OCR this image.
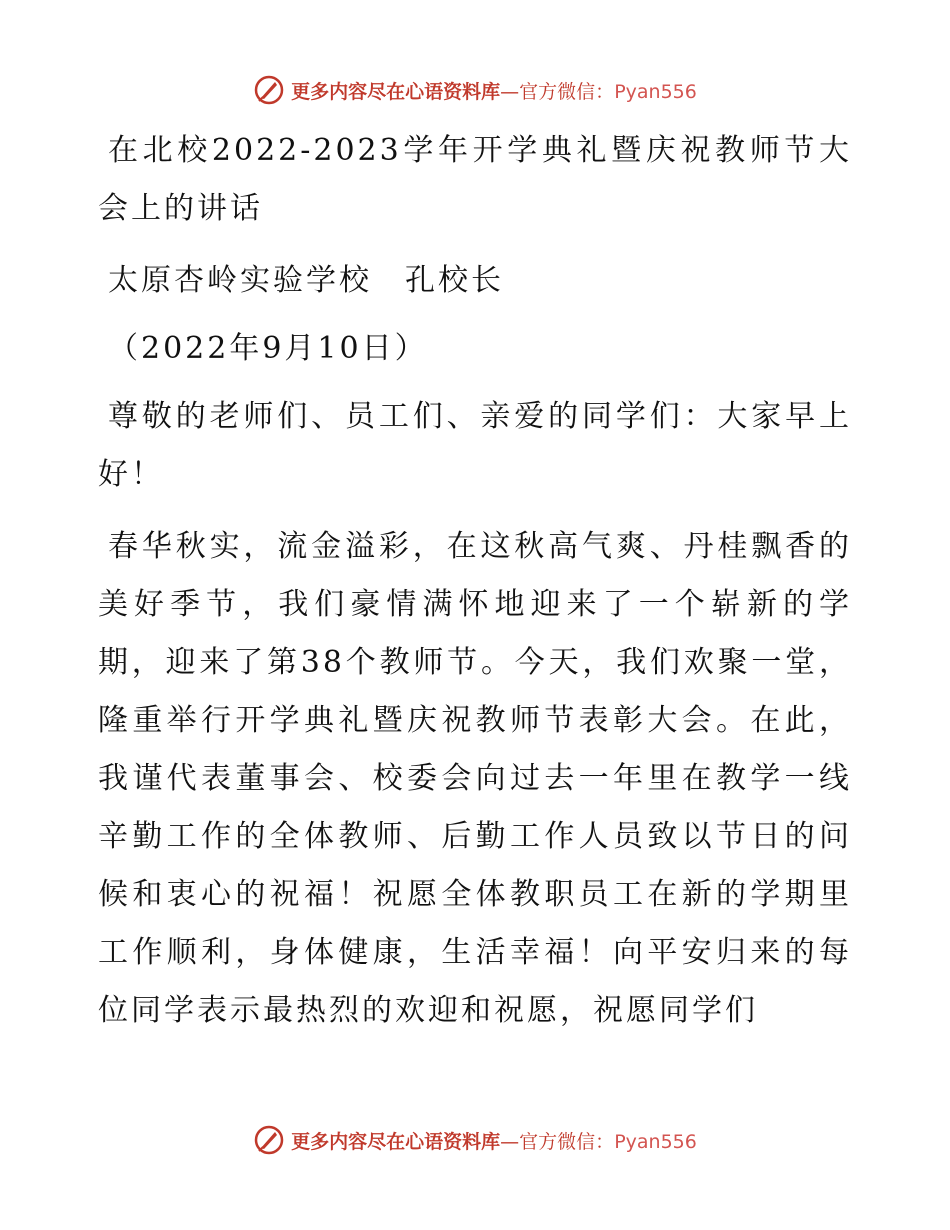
更多内容尽在心语资料库—官方微信：Pyan556

在北校2022-2023学年开学典礼暨庆祝教师节大会上的讲话

太原杏岭实验学校　孔校长

（2022年9月10日）

尊敬的老师们、员工们、亲爱的同学们：大家早上好！

春华秋实，流金溢彩，在这秋高气爽、丹桂飘香的美好季节，我们豪情满怀地迎来了一个崭新的学期，迎来了第38个教师节。今天，我们欢聚一堂，隆重举行开学典礼暨庆祝教师节表彰大会。在此，我谨代表董事会、校委会向过去一年里在教学一线辛勤工作的全体教师、后勤工作人员致以节日的问候和衷心的祝福！祝愿全体教职员工在新的学期里工作顺利，身体健康，生活幸福！向平安归来的每位同学表示最热烈的欢迎和祝愿，祝愿同学们

更多内容尽在心语资料库—官方微信：Pyan556
